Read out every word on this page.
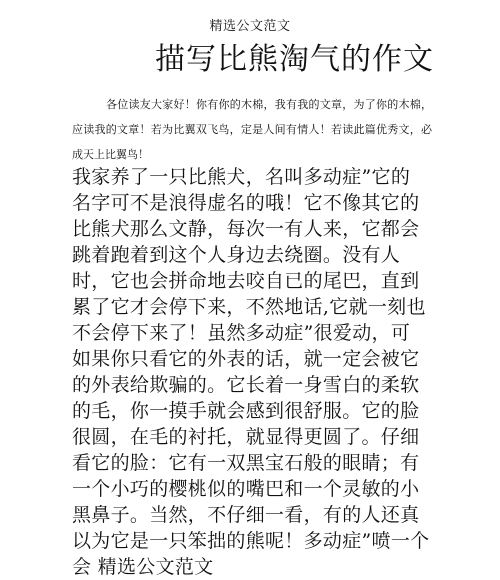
精选公文范文
描写比熊淘气的作文

各位读友大家好！你有你的木棉，我有我的文章，为了你的木棉，应读我的文章！若为比翼双飞鸟，定是人间有情人！若读此篇优秀文，必成天上比翼鸟！

我家养了一只比熊犬，名叫多动症”它的
名字可不是浪得虚名的哦！它不像其它的
比熊犬那么文静，每次一有人来，它都会
跳着跑着到这个人身边去绕圈。没有人
时，它也会拼命地去咬自已的尾巴，直到
累了它才会停下来，不然地话,它就一刻也
不会停下来了！虽然多动症”很爱动，可
如果你只看它的外表的话，就一定会被它
的外表给欺骗的。它长着一身雪白的柔软
的毛，你一摸手就会感到很舒服。它的脸
很圆，在毛的衬托，就显得更圆了。仔细
看它的脸：它有一双黑宝石般的眼睛；有
一个小巧的樱桃似的嘴巴和一个灵敏的小
黑鼻子。当然，不仔细一看，有的人还真
以为它是一只笨拙的熊呢！多动症”喷一个
会 精选公文范文
